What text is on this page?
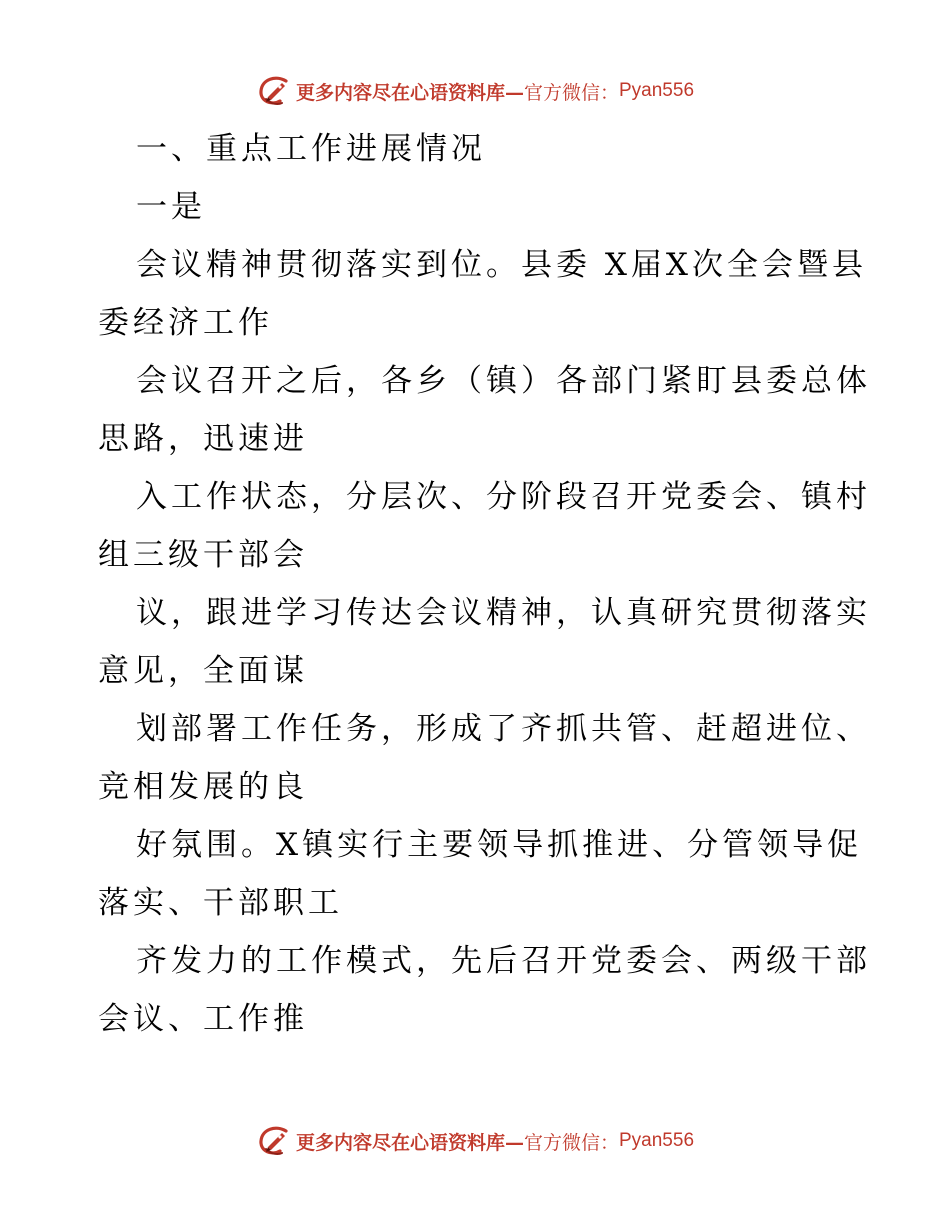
更多内容尽在心语资料库— 官方微信： Pyan556
一、重点工作进展情况
一是
会议精神贯彻落实到位。县委 X届X次全会暨县
委经济工作
会议召开之后，各乡（镇）各部门紧盯县委总体
思路，迅速进
入工作状态，分层次、分阶段召开党委会、镇村
组三级干部会
议，跟进学习传达会议精神，认真研究贯彻落实
意见，全面谋
划部署工作任务，形成了齐抓共管、赶超进位、
竞相发展的良
好氛围。X镇实行主要领导抓推进、分管领导促
落实、干部职工
齐发力的工作模式，先后召开党委会、两级干部
会议、工作推
更多内容尽在心语资料库— 官方微信： Pyan556
